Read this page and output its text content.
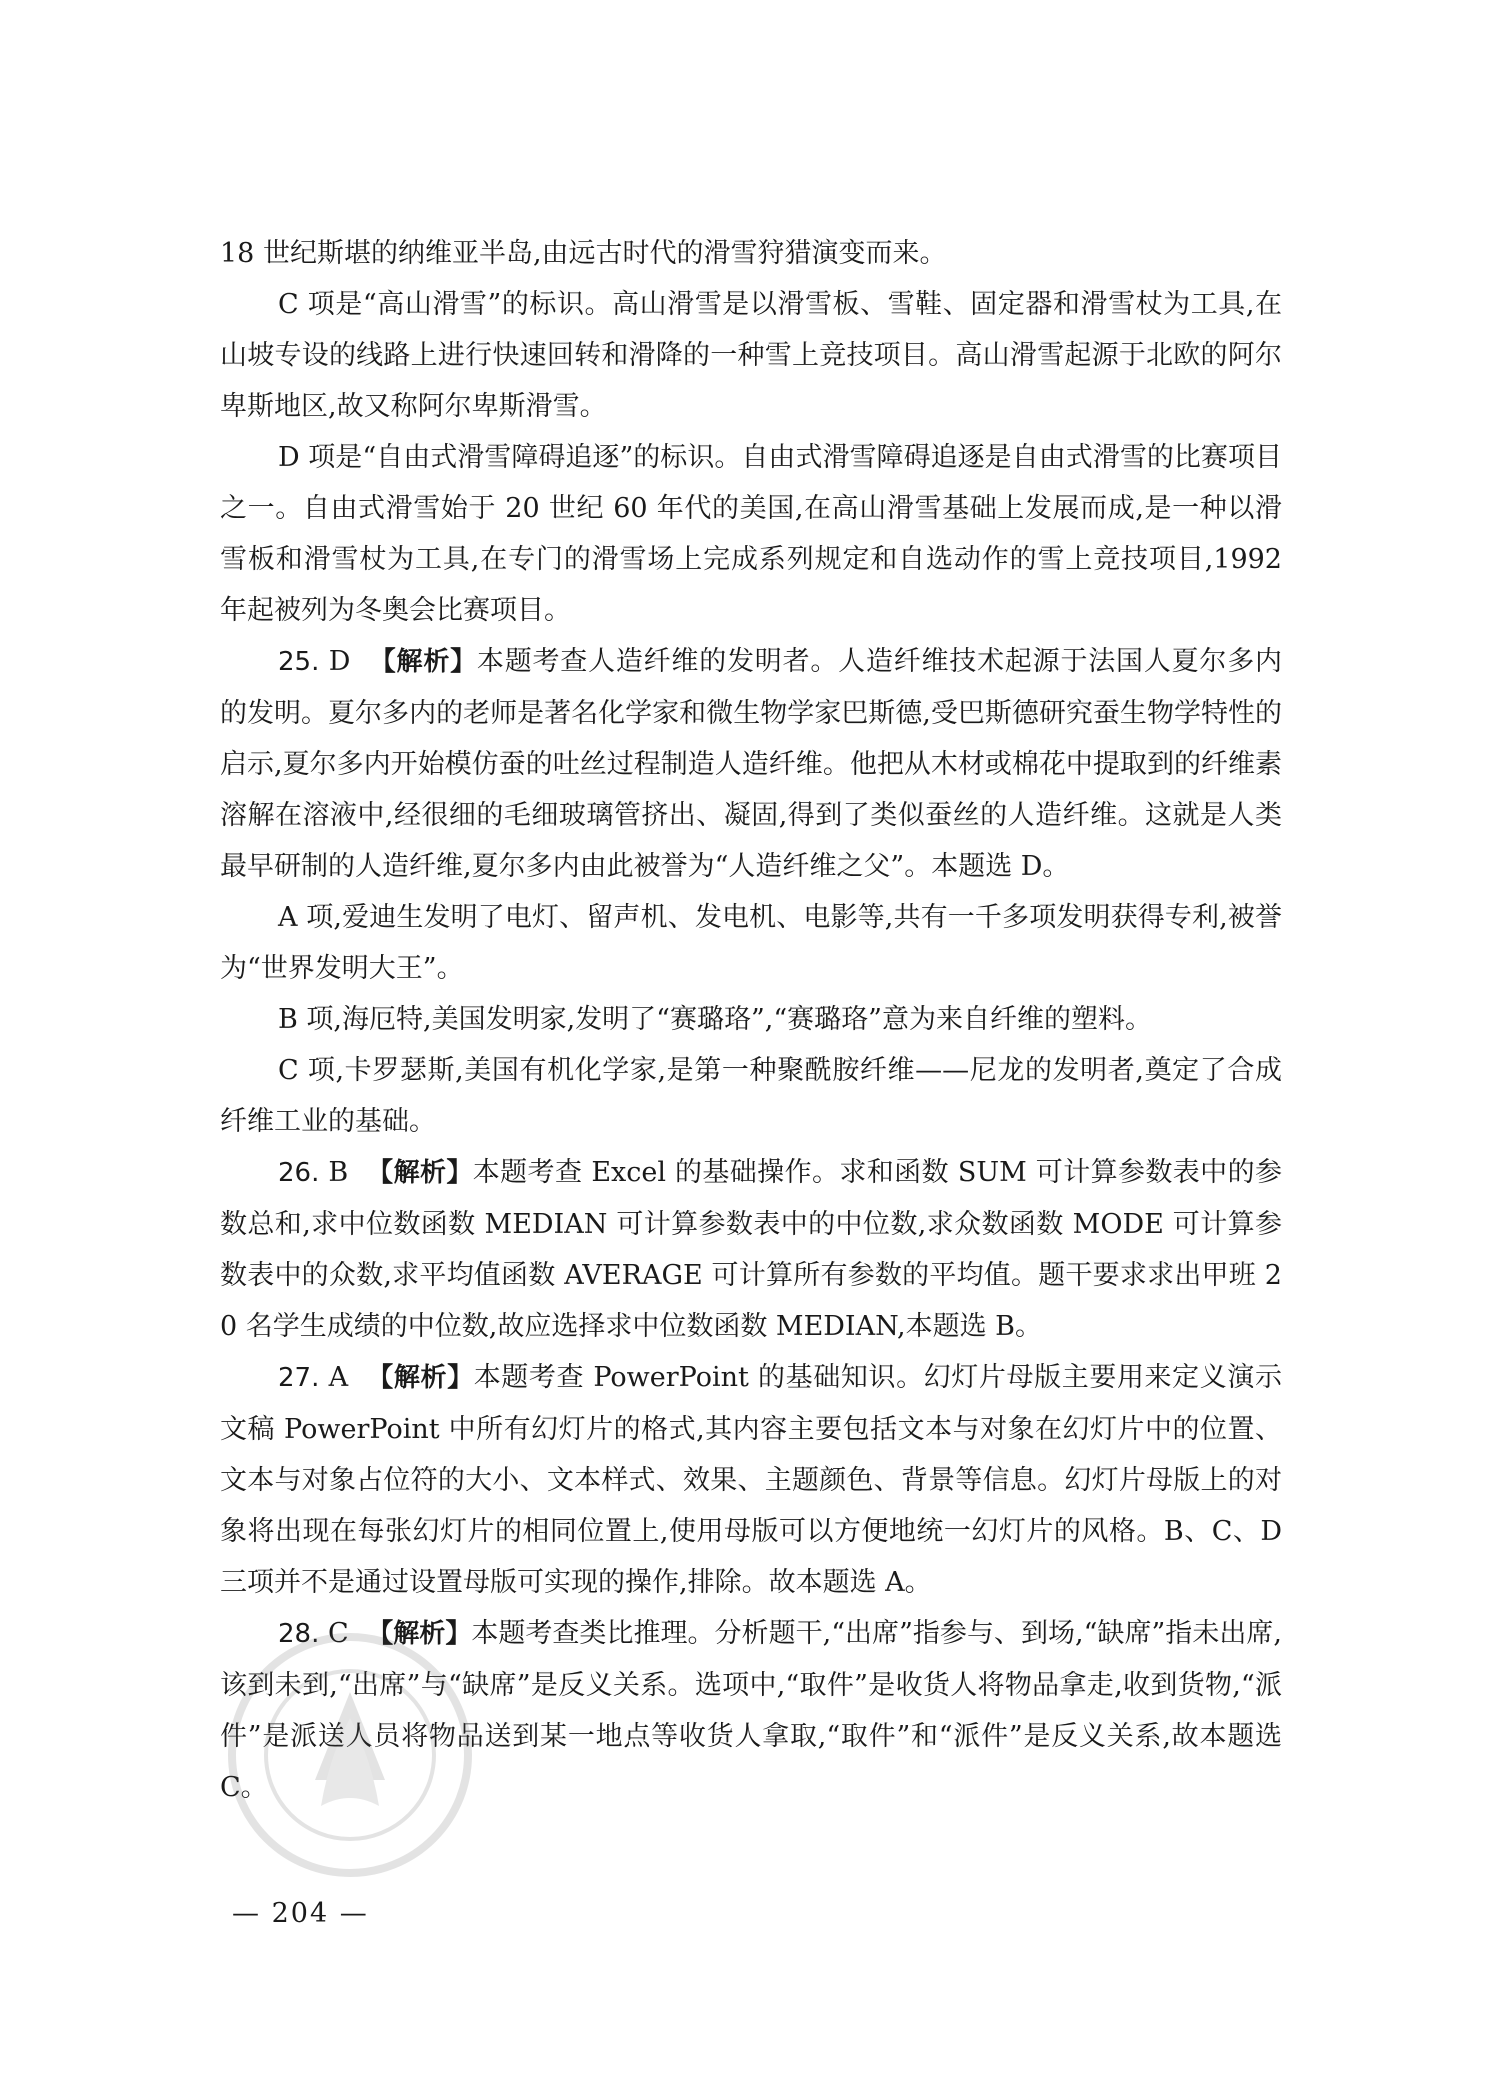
18 世纪斯堪的纳维亚半岛,由远古时代的滑雪狩猎演变而来。

C 项是“高山滑雪”的标识。高山滑雪是以滑雪板、雪鞋、固定器和滑雪杖为工具,在山坡专设的线路上进行快速回转和滑降的一种雪上竞技项目。高山滑雪起源于北欧的阿尔卑斯地区,故又称阿尔卑斯滑雪。

D 项是“自由式滑雪障碍追逐”的标识。自由式滑雪障碍追逐是自由式滑雪的比赛项目之一。自由式滑雪始于 20 世纪 60 年代的美国,在高山滑雪基础上发展而成,是一种以滑雪板和滑雪杖为工具,在专门的滑雪场上完成系列规定和自选动作的雪上竞技项目,1992 年起被列为冬奥会比赛项目。

25. D 【解析】本题考查人造纤维的发明者。人造纤维技术起源于法国人夏尔多内的发明。夏尔多内的老师是著名化学家和微生物学家巴斯德,受巴斯德研究蚕生物学特性的启示,夏尔多内开始模仿蚕的吐丝过程制造人造纤维。他把从木材或棉花中提取到的纤维素溶解在溶液中,经很细的毛细玻璃管挤出、凝固,得到了类似蚕丝的人造纤维。这就是人类最早研制的人造纤维,夏尔多内由此被誉为“人造纤维之父”。本题选 D。

A 项,爱迪生发明了电灯、留声机、发电机、电影等,共有一千多项发明获得专利,被誉为“世界发明大王”。

B 项,海厄特,美国发明家,发明了“赛璐珞”,“赛璐珞”意为来自纤维的塑料。

C 项,卡罗瑟斯,美国有机化学家,是第一种聚酰胺纤维——尼龙的发明者,奠定了合成纤维工业的基础。

26. B 【解析】本题考查 Excel 的基础操作。求和函数 SUM 可计算参数表中的参数总和,求中位数函数 MEDIAN 可计算参数表中的中位数,求众数函数 MODE 可计算参数表中的众数,求平均值函数 AVERAGE 可计算所有参数的平均值。题干要求求出甲班 20 名学生成绩的中位数,故应选择求中位数函数 MEDIAN,本题选 B。

27. A 【解析】本题考查 PowerPoint 的基础知识。幻灯片母版主要用来定义演示文稿 PowerPoint 中所有幻灯片的格式,其内容主要包括文本与对象在幻灯片中的位置、文本与对象占位符的大小、文本样式、效果、主题颜色、背景等信息。幻灯片母版上的对象将出现在每张幻灯片的相同位置上,使用母版可以方便地统一幻灯片的风格。B、C、D 三项并不是通过设置母版可实现的操作,排除。故本题选 A。

28. C 【解析】本题考查类比推理。分析题干,“出席”指参与、到场,“缺席”指未出席,该到未到,“出席”与“缺席”是反义关系。选项中,“取件”是收货人将物品拿走,收到货物,“派件”是派送人员将物品送到某一地点等收货人拿取,“取件”和“派件”是反义关系,故本题选 C。

— 204 —
